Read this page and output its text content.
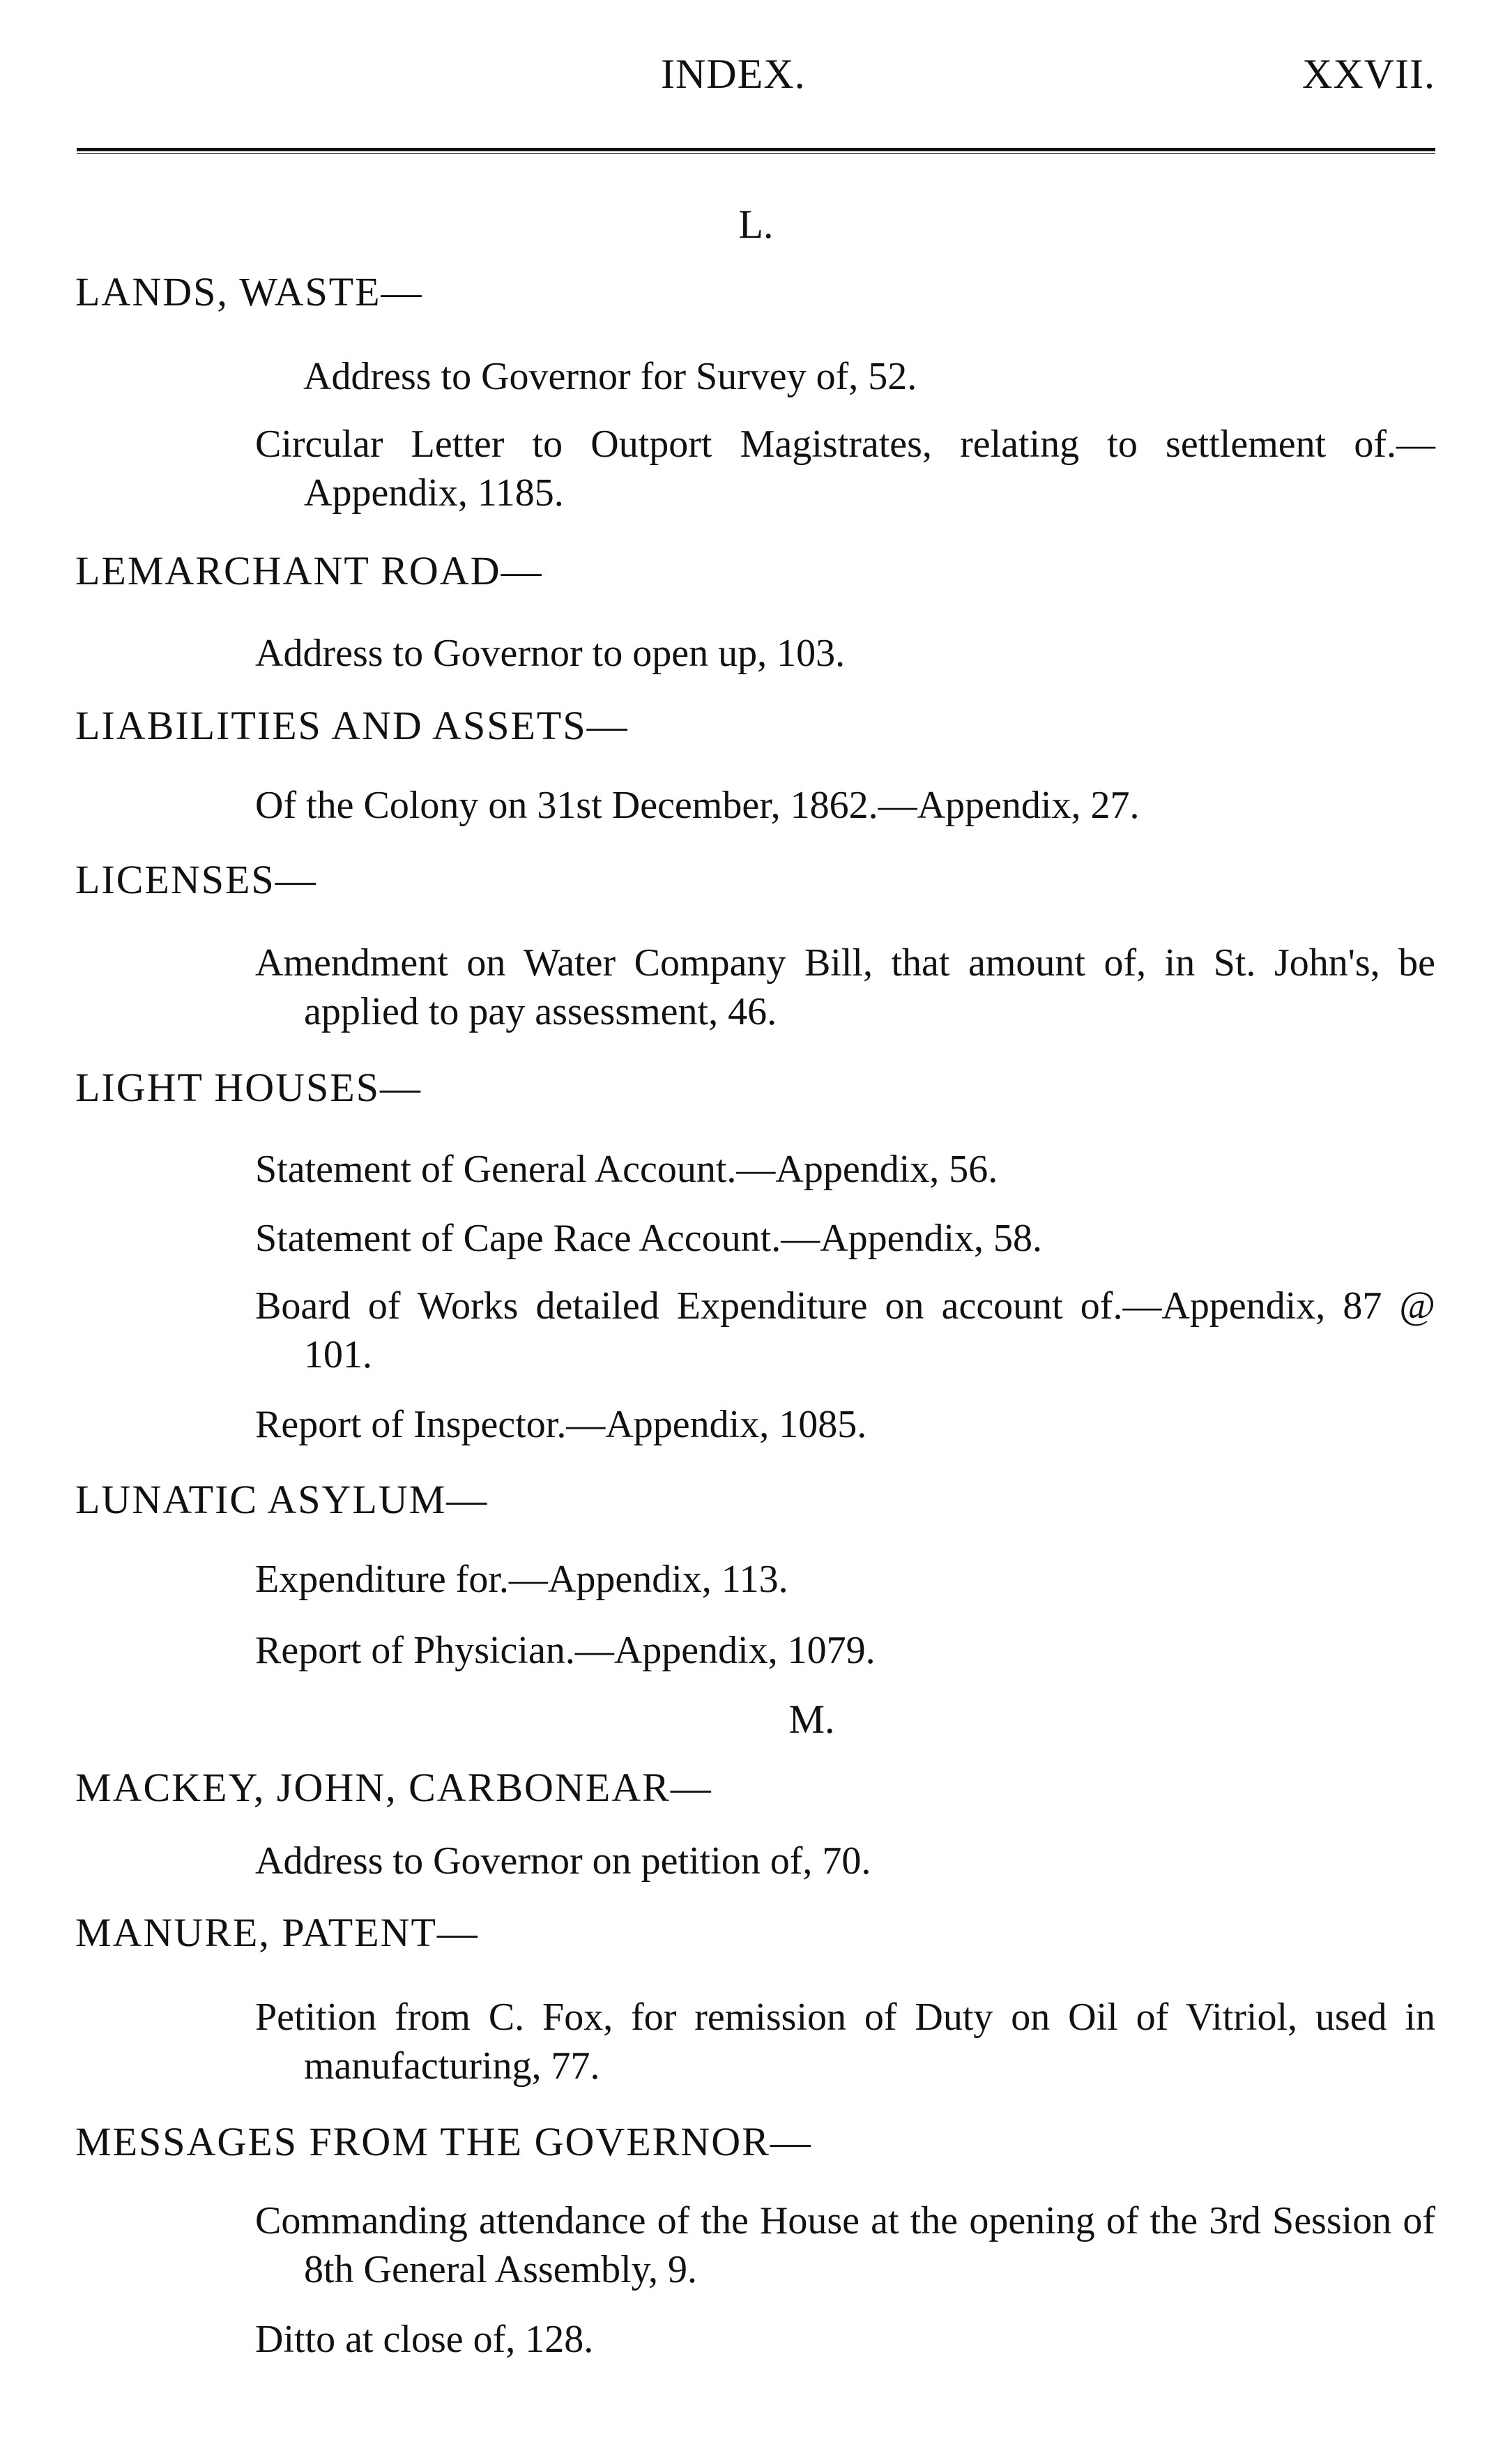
INDEX.	XXVII.
L.
LANDS, WASTE—
Address to Governor for Survey of, 52.
Circular Letter to Outport Magistrates, relating to settlement of.—Appendix, 1185.
LEMARCHANT ROAD—
Address to Governor to open up, 103.
LIABILITIES AND ASSETS—
Of the Colony on 31st December, 1862.—Appendix, 27.
LICENSES—
Amendment on Water Company Bill, that amount of, in St. John's, be applied to pay assessment, 46.
LIGHT HOUSES—
Statement of General Account.—Appendix, 56.
Statement of Cape Race Account.—Appendix, 58.
Board of Works detailed Expenditure on account of.—Appendix, 87 @ 101.
Report of Inspector.—Appendix, 1085.
LUNATIC ASYLUM—
Expenditure for.—Appendix, 113.
Report of Physician.—Appendix, 1079.
M.
MACKEY, JOHN, CARBONEAR—
Address to Governor on petition of, 70.
MANURE, PATENT—
Petition from C. Fox, for remission of Duty on Oil of Vitriol, used in manufacturing, 77.
MESSAGES FROM THE GOVERNOR—
Commanding attendance of the House at the opening of the 3rd Session of 8th General Assembly, 9.
Ditto at close of, 128.
